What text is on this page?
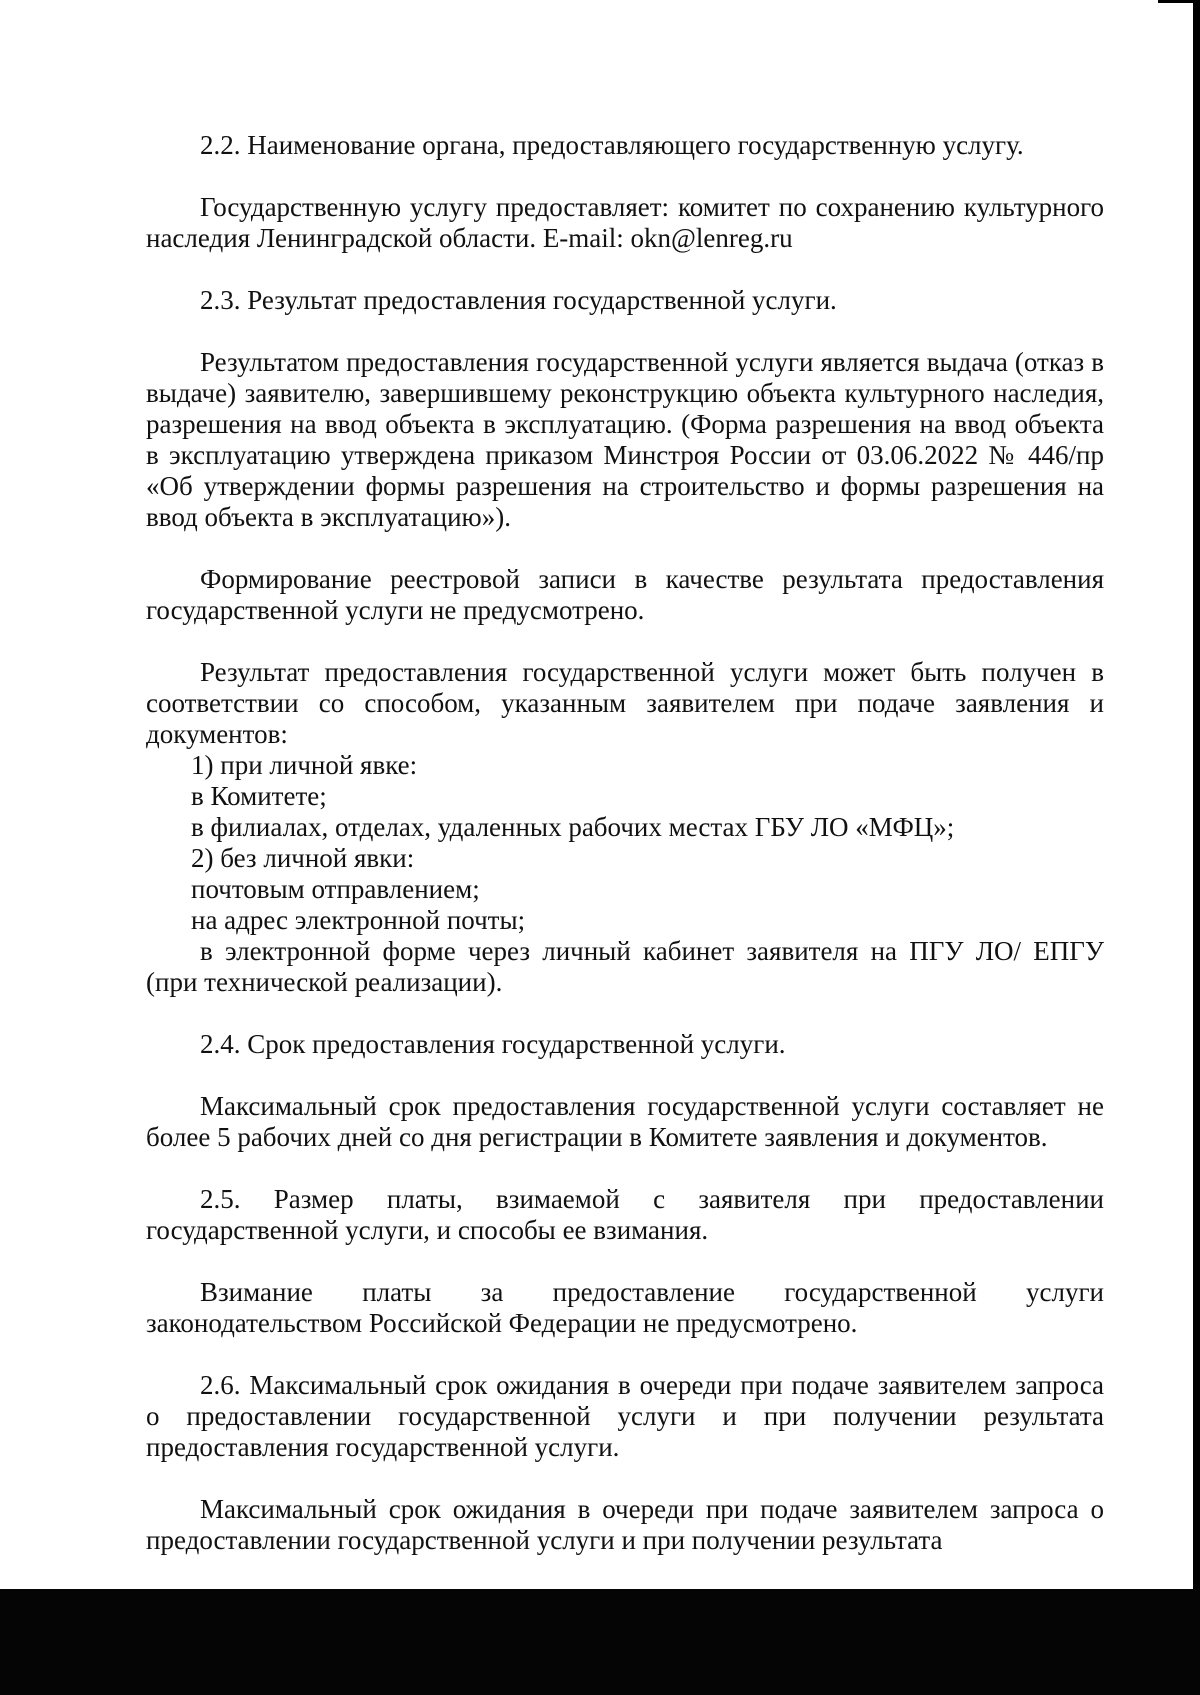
2.2. Наименование органа, предоставляющего государственную услугу.

Государственную услугу предоставляет: комитет по сохранению культурного наследия Ленинградской области. E-mail: okn@lenreg.ru

2.3. Результат предоставления государственной услуги.

Результатом предоставления государственной услуги является выдача (отказ в выдаче) заявителю, завершившему реконструкцию объекта культурного наследия, разрешения на ввод объекта в эксплуатацию. (Форма разрешения на ввод объекта в эксплуатацию утверждена приказом Минстроя России от 03.06.2022 № 446/пр «Об утверждении формы разрешения на строительство и формы разрешения на ввод объекта в эксплуатацию»).

Формирование реестровой записи в качестве результата предоставления государственной услуги не предусмотрено.

Результат предоставления государственной услуги может быть получен в соответствии со способом, указанным заявителем при подаче заявления и документов:

1) при личной явке:

в Комитете;

в филиалах, отделах, удаленных рабочих местах ГБУ ЛО «МФЦ»;

2) без личной явки:

почтовым отправлением;

на адрес электронной почты;

в электронной форме через личный кабинет заявителя на ПГУ ЛО/ ЕПГУ (при технической реализации).

2.4. Срок предоставления государственной услуги.

Максимальный срок предоставления государственной услуги составляет не более 5 рабочих дней со дня регистрации в Комитете заявления и документов.

2.5. Размер платы, взимаемой с заявителя при предоставлении государственной услуги, и способы ее взимания.

Взимание платы за предоставление государственной услуги законодательством Российской Федерации не предусмотрено.

2.6. Максимальный срок ожидания в очереди при подаче заявителем запроса о предоставлении государственной услуги и при получении результата предоставления государственной услуги.

Максимальный срок ожидания в очереди при подаче заявителем запроса о предоставлении государственной услуги и при получении результата
